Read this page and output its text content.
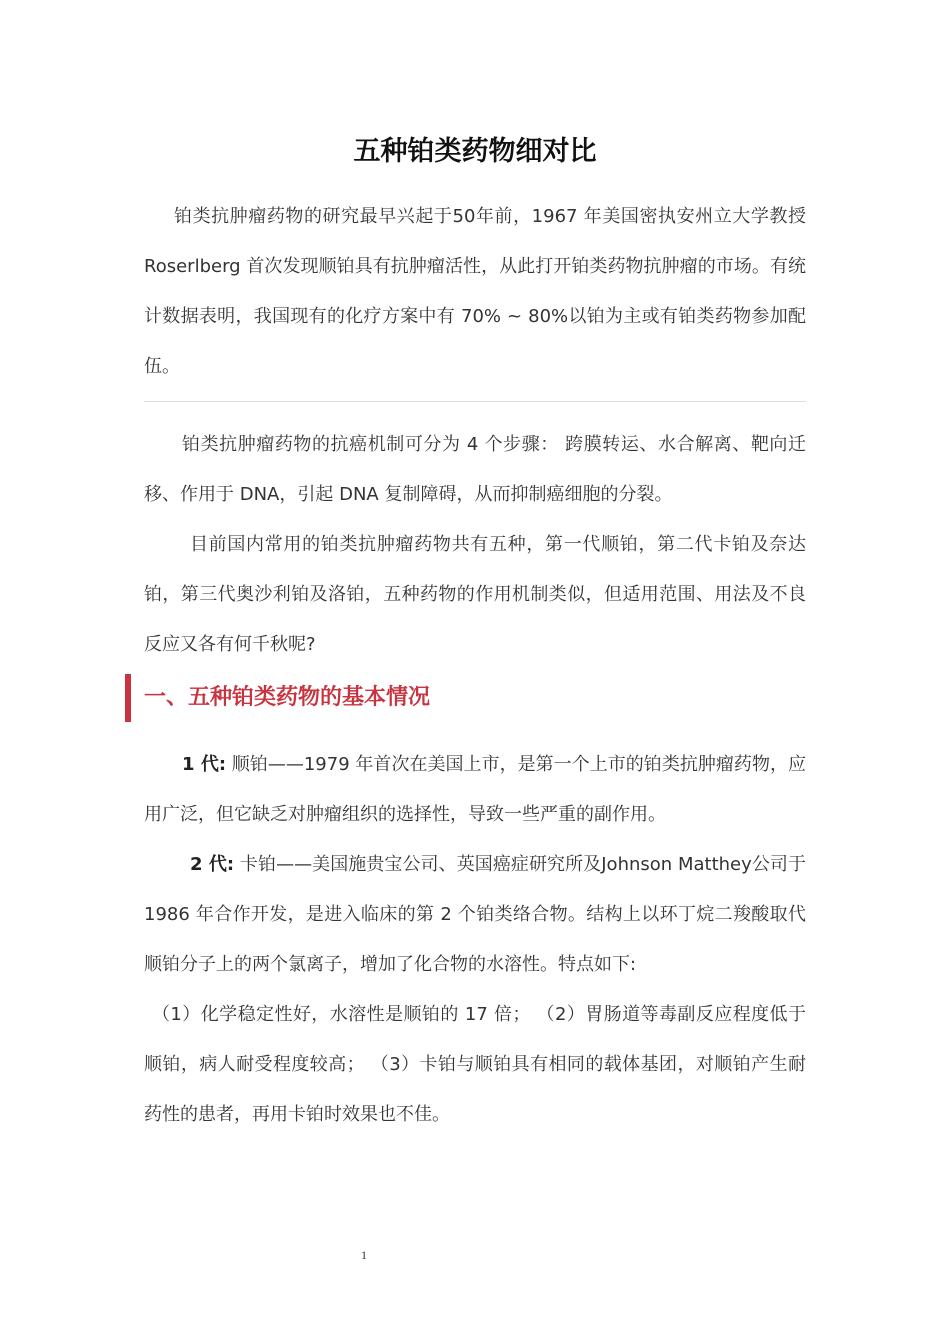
五种铂类药物细对比

铂类抗肿瘤药物的研究最早兴起于50年前，1967 年美国密执安州立大学教授 Roserlberg 首次发现顺铂具有抗肿瘤活性，从此打开铂类药物抗肿瘤的市场。有统计数据表明，我国现有的化疗方案中有 70% ~ 80%以铂为主或有铂类药物参加配伍。

铂类抗肿瘤药物的抗癌机制可分为 4 个步骤： 跨膜转运、水合解离、靶向迁移、作用于 DNA，引起 DNA 复制障碍，从而抑制癌细胞的分裂。

目前国内常用的铂类抗肿瘤药物共有五种，第一代顺铂，第二代卡铂及奈达铂，第三代奥沙利铂及洛铂，五种药物的作用机制类似，但适用范围、用法及不良反应又各有何千秋呢?

一、五种铂类药物的基本情况

1 代: 顺铂——1979 年首次在美国上市，是第一个上市的铂类抗肿瘤药物，应用广泛，但它缺乏对肿瘤组织的选择性，导致一些严重的副作用。

2 代: 卡铂——美国施贵宝公司、英国癌症研究所及Johnson Matthey公司于 1986 年合作开发，是进入临床的第 2 个铂类络合物。结构上以环丁烷二羧酸取代顺铂分子上的两个氯离子，增加了化合物的水溶性。特点如下:

（1）化学稳定性好，水溶性是顺铂的 17 倍； （2）胃肠道等毒副反应程度低于顺铂，病人耐受程度较高； （3）卡铂与顺铂具有相同的载体基团，对顺铂产生耐药性的患者，再用卡铂时效果也不佳。

1
